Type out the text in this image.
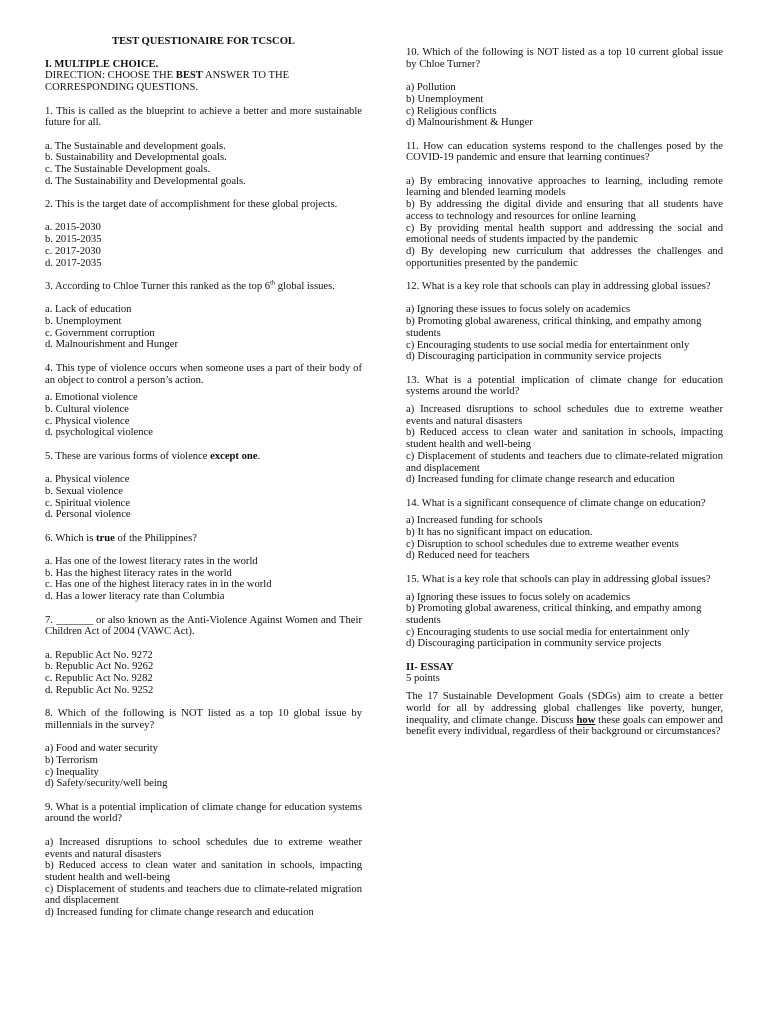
TEST QUESTIONAIRE FOR TCSCOL
I. MULTIPLE CHOICE.
DIRECTION: CHOOSE THE BEST ANSWER TO THE CORRESPONDING QUESTIONS.
1. This is called as the blueprint to achieve a better and more sustainable future for all.
a. The Sustainable and development goals.
b. Sustainability and Developmental goals.
c. The Sustainable Development goals.
d. The Sustainability and Developmental goals.
2. This is the target date of accomplishment for these global projects.
a. 2015-2030
b. 2015-2035
c. 2017-2030
d. 2017-2035
3. According to Chloe Turner this ranked as the top 6th global issues.
a. Lack of education
b. Unemployment
c. Government corruption
d. Malnourishment and Hunger
4. This type of violence occurs when someone uses a part of their body of an object to control a person’s action.
a. Emotional violence
b. Cultural violence
c. Physical violence
d. psychological violence
5. These are various forms of violence except one.
a. Physical violence
b. Sexual violence
c. Spiritual violence
d. Personal violence
6. Which is true of the Philippines?
a. Has one of the lowest literacy rates in the world
b. Has the highest literacy rates in the world
c. Has one of the highest literacy rates in in the world
d. Has a lower literacy rate than Columbia
7. _______ or also known as the Anti-Violence Against Women and Their Children Act of 2004 (VAWC Act).
a. Republic Act No. 9272
b. Republic Act No. 9262
c. Republic Act No. 9282
d. Republic Act No. 9252
8. Which of the following is NOT listed as a top 10 global issue by millennials in the survey?
a) Food and water security
b) Terrorism
c) Inequality
d) Safety/security/well being
9. What is a potential implication of climate change for education systems around the world?
a) Increased disruptions to school schedules due to extreme weather events and natural disasters
b) Reduced access to clean water and sanitation in schools, impacting student health and well-being
c) Displacement of students and teachers due to climate-related migration and displacement
d) Increased funding for climate change research and education
10. Which of the following is NOT listed as a top 10 current global issue by Chloe Turner?
a) Pollution
b) Unemployment
c) Religious conflicts
d) Malnourishment & Hunger
11. How can education systems respond to the challenges posed by the COVID-19 pandemic and ensure that learning continues?
a) By embracing innovative approaches to learning, including remote learning and blended learning models
b) By addressing the digital divide and ensuring that all students have access to technology and resources for online learning
c) By providing mental health support and addressing the social and emotional needs of students impacted by the pandemic
d) By developing new curriculum that addresses the challenges and opportunities presented by the pandemic
12. What is a key role that schools can play in addressing global issues?
a) Ignoring these issues to focus solely on academics
b) Promoting global awareness, critical thinking, and empathy among students
c) Encouraging students to use social media for entertainment only
d) Discouraging participation in community service projects
13. What is a potential implication of climate change for education systems around the world?
a) Increased disruptions to school schedules due to extreme weather events and natural disasters
b) Reduced access to clean water and sanitation in schools, impacting student health and well-being
c) Displacement of students and teachers due to climate-related migration and displacement
d) Increased funding for climate change research and education
14. What is a significant consequence of climate change on education?
a) Increased funding for schools
b) It has no significant impact on education.
c) Disruption to school schedules due to extreme weather events
d) Reduced need for teachers
15. What is a key role that schools can play in addressing global issues?
a) Ignoring these issues to focus solely on academics
b) Promoting global awareness, critical thinking, and empathy among students
c) Encouraging students to use social media for entertainment only
d) Discouraging participation in community service projects
II- ESSAY
5 points
The 17 Sustainable Development Goals (SDGs) aim to create a better world for all by addressing global challenges like poverty, hunger, inequality, and climate change. Discuss how these goals can empower and benefit every individual, regardless of their background or circumstances?
